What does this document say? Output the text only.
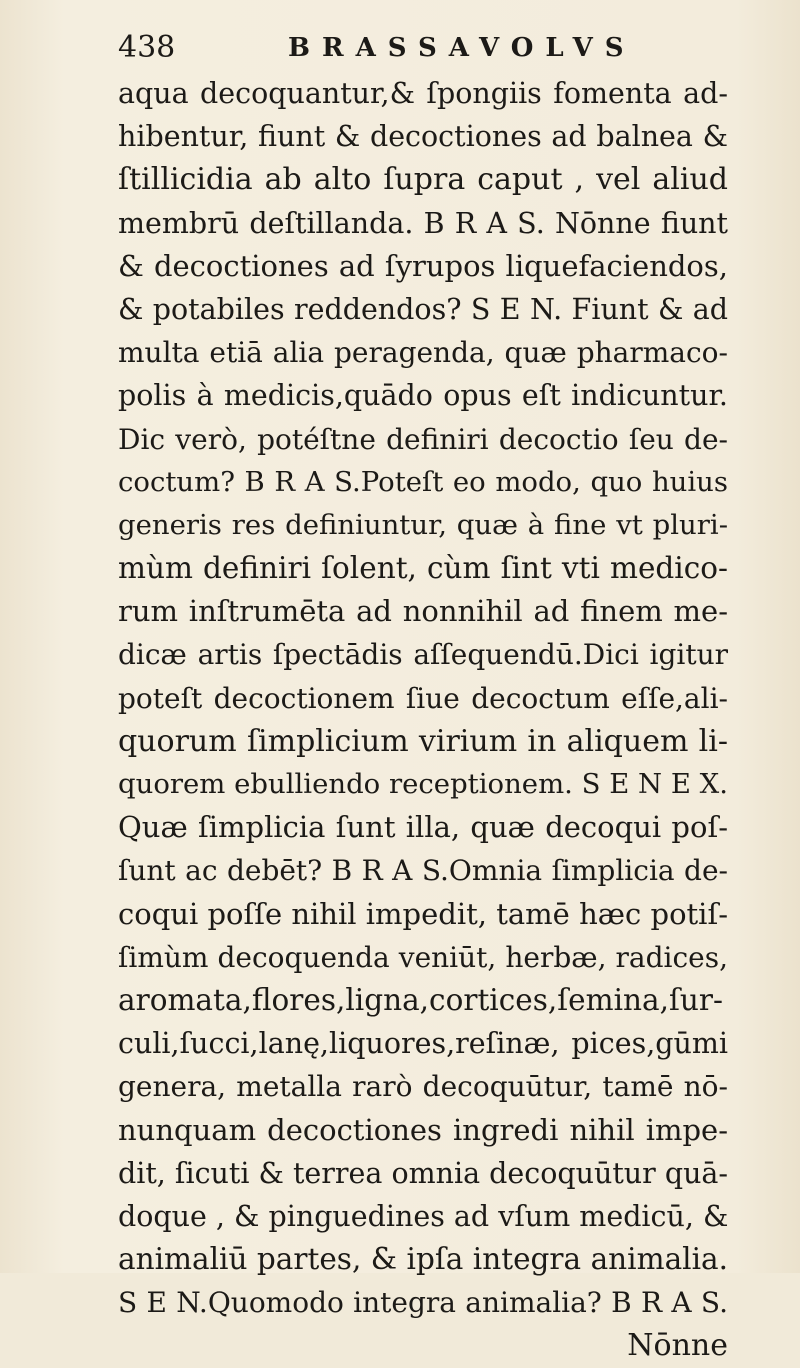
438	BRASSAVOLVS
aqua decoquantur,& ſpongiis fomenta ad-
hibentur, fiunt & decoctiones ad balnea &
ſtillicidia ab alto ſupra caput , vel aliud
membrū deſtillanda. B R A S. Nōnne fiunt
& decoctiones ad ſyrupos liquefaciendos,
& potabiles reddendos? S E N. Fiunt & ad
multa etiā alia peragenda, quæ pharmaco-
polis à medicis,quādo opus eſt indicuntur.
Dic verò, potéſtne definiri decoctio ſeu de-
coctum? B R A S.Poteſt eo modo, quo huius
generis res definiuntur, quæ à fine vt pluri-
mùm definiri ſolent, cùm ſint vti medico-
rum inſtrumēta ad nonnihil ad finem me-
dicæ artis ſpectādis aſſequendū.Dici igitur
poteſt decoctionem ſiue decoctum eſſe,ali-
quorum ſimplicium virium in aliquem li-
quorem ebulliendo receptionem. S E N E X.
Quæ ſimplicia ſunt illa, quæ decoqui poſ-
ſunt ac debēt? B R A S.Omnia ſimplicia de-
coqui poſſe nihil impedit, tamē hæc potiſ-
ſimùm decoquenda veniūt, herbæ, radices,
aromata,flores,ligna,cortices,ſemina,ſur-
culi,ſucci,lanę,liquores,reſinæ, pices,gūmi
genera, metalla rarò decoquūtur, tamē nō-
nunquam decoctiones ingredi nihil impe-
dit, ſicuti & terrea omnia decoquūtur quā-
doque , & pinguedines ad vſum medicū, &
animaliū partes, & ipſa integra animalia.
S E N.Quomodo integra animalia? B R A S.
Nōnne
